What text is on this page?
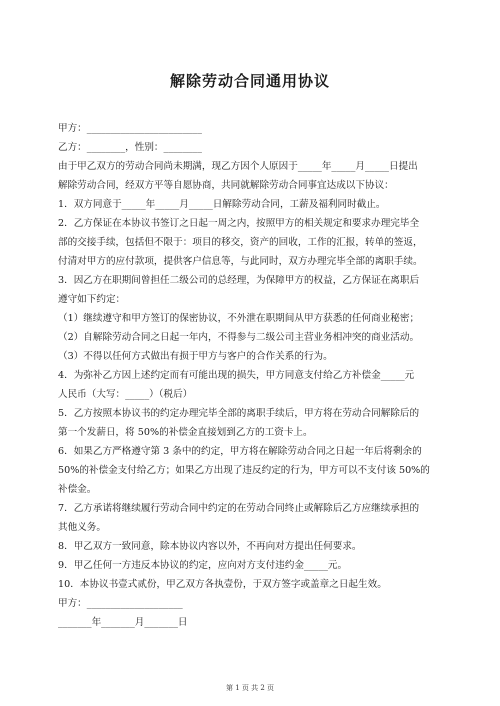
解除劳动合同通用协议

甲方：________________________

乙方：________，性别：________

由于甲乙双方的劳动合同尚未期满，现乙方因个人原因于_____年_____月_____日提出

解除劳动合同，经双方平等自愿协商，共同就解除劳动合同事宜达成以下协议：

1．双方同意于_____年_____月_____日解除劳动合同，工薪及福利同时截止。

2．乙方保证在本协议书签订之日起一周之内，按照甲方的相关规定和要求办理完毕全

部的交接手续，包括但不限于：项目的移交，资产的回收，工作的汇报，转单的签返，

付清对甲方的应付款项，提供客户信息等，与此同时，双方办理完毕全部的离职手续。

3．因乙方在职期间曾担任二级公司的总经理，为保障甲方的权益，乙方保证在离职后

遵守如下约定：

（1）继续遵守和甲方签订的保密协议，不外泄在职期间从甲方获悉的任何商业秘密；

（2）自解除劳动合同之日起一年内，不得参与二级公司主营业务相冲突的商业活动。

（3）不得以任何方式做出有损于甲方与客户的合作关系的行为。

4．为弥补乙方因上述约定而有可能出现的损失，甲方同意支付给乙方补偿金_____元

人民币（大写：_____）（税后）

5．乙方按照本协议书的约定办理完毕全部的离职手续后，甲方将在劳动合同解除后的

第一个发薪日，将 50%的补偿金直接划到乙方的工资卡上。

6．如果乙方严格遵守第 3 条中的约定，甲方将在解除劳动合同之日起一年后将剩余的

50%的补偿金支付给乙方；如果乙方出现了违反约定的行为，甲方可以不支付该 50%的

补偿金。

7．乙方承诺将继续履行劳动合同中约定的在劳动合同终止或解除后乙方应继续承担的

其他义务。

8．甲乙双方一致同意，除本协议内容以外，不再向对方提出任何要求。

9．甲乙任何一方违反本协议的约定，应向对方支付违约金_____元。

10．本协议书壹式贰份，甲乙双方各执壹份，于双方签字或盖章之日起生效。

甲方：____________________

_______年_______月_______日

第 1 页 共 2 页
